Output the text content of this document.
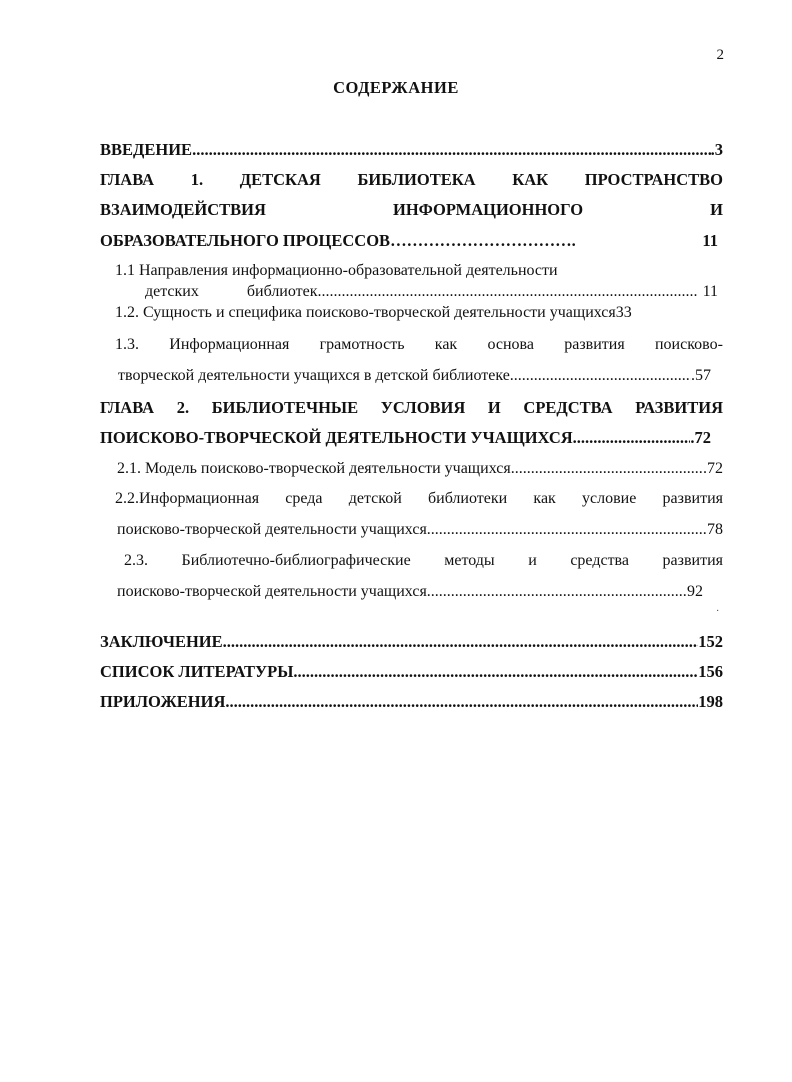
2
СОДЕРЖАНИЕ
ВВЕДЕНИЕ .....	.3
ГЛАВА 1. ДЕТСКАЯ БИБЛИОТЕКА КАК ПРОСТРАНСТВО
ВЗАИМОДЕЙСТВИЯ	ИНФОРМАЦИОННОГО	И
ОБРАЗОВАТЕЛЬНОГО ПРОЦЕССОВ…………………………….	11
1.1 Направления информационно-образовательной деятельности
детских	библиотек .....	11
1.2. Сущность и специфика поисково-творческой деятельности учащихся33
1.3. Информационная грамотность как основа развития поисково-
творческой деятельности учащихся в детской библиотеке .....	.57
ГЛАВА 2. БИБЛИОТЕЧНЫЕ УСЛОВИЯ И СРЕДСТВА РАЗВИТИЯ
ПОИСКОВО-ТВОРЧЕСКОЙ ДЕЯТЕЛЬНОСТИ УЧАЩИХСЯ .....	.72
2.1. Модель поисково-творческой деятельности учащихся .....	.72
2.2.Информационная среда детской библиотеки как условие развития
поисково-творческой деятельности учащихся .....	78
2.3. Библиотечно-библиографические методы и средства развития
поисково-творческой деятельности учащихся .....	92
ЗАКЛЮЧЕНИЕ .....	152
СПИСОК ЛИТЕРАТУРЫ .....	156
ПРИЛОЖЕНИЯ .....	198
·
